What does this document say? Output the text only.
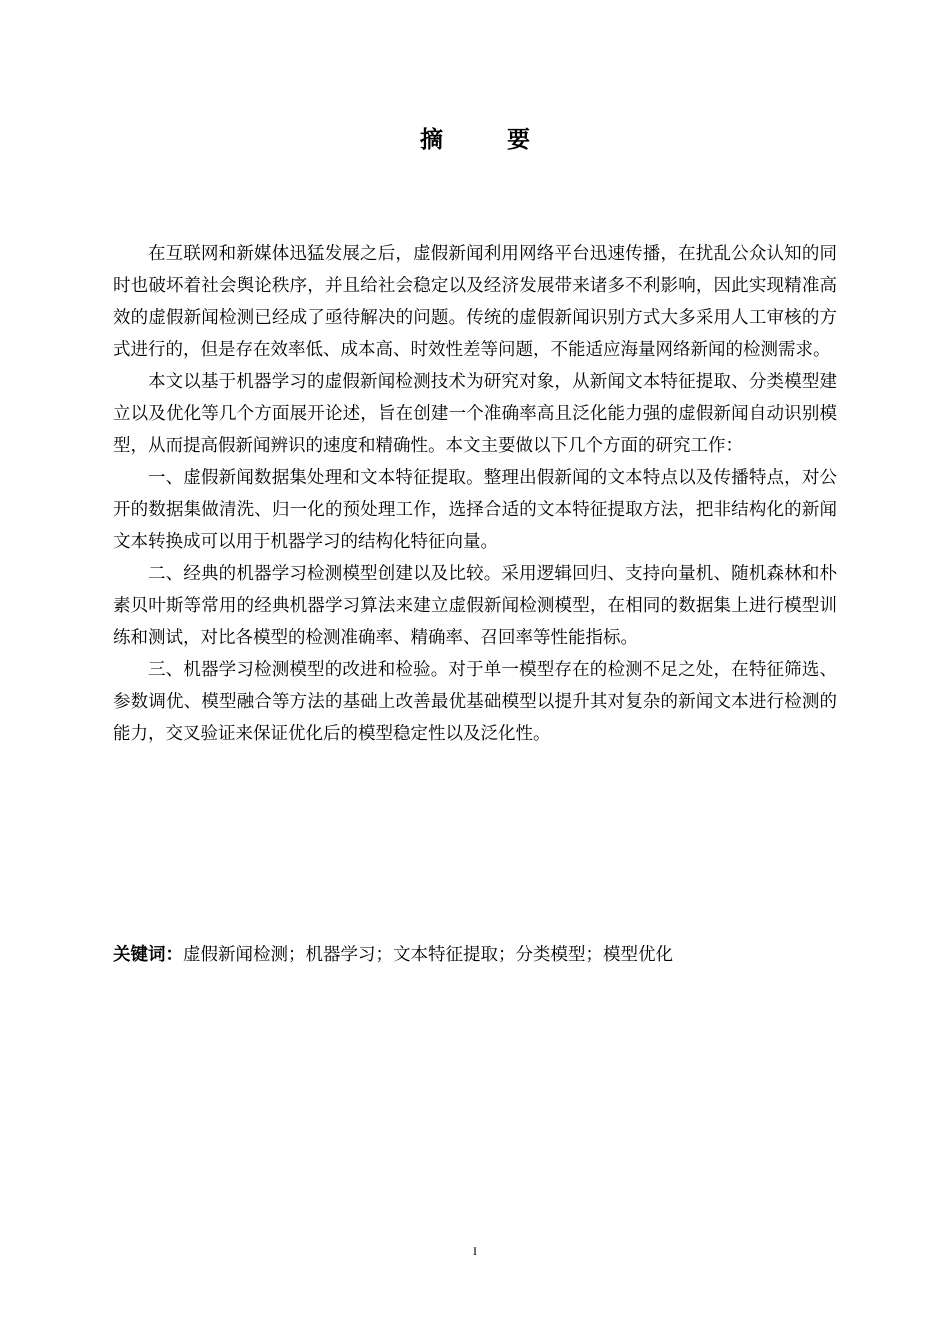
摘 要

在互联网和新媒体迅猛发展之后，虚假新闻利用网络平台迅速传播，在扰乱公众认知的同时也破坏着社会舆论秩序，并且给社会稳定以及经济发展带来诸多不利影响，因此实现精准高效的虚假新闻检测已经成了亟待解决的问题。传统的虚假新闻识别方式大多采用人工审核的方式进行的，但是存在效率低、成本高、时效性差等问题，不能适应海量网络新闻的检测需求。

本文以基于机器学习的虚假新闻检测技术为研究对象，从新闻文本特征提取、分类模型建立以及优化等几个方面展开论述，旨在创建一个准确率高且泛化能力强的虚假新闻自动识别模型，从而提高假新闻辨识的速度和精确性。本文主要做以下几个方面的研究工作：

一、虚假新闻数据集处理和文本特征提取。整理出假新闻的文本特点以及传播特点，对公开的数据集做清洗、归一化的预处理工作，选择合适的文本特征提取方法，把非结构化的新闻文本转换成可以用于机器学习的结构化特征向量。

二、经典的机器学习检测模型创建以及比较。采用逻辑回归、支持向量机、随机森林和朴素贝叶斯等常用的经典机器学习算法来建立虚假新闻检测模型，在相同的数据集上进行模型训练和测试，对比各模型的检测准确率、精确率、召回率等性能指标。

三、机器学习检测模型的改进和检验。对于单一模型存在的检测不足之处，在特征筛选、参数调优、模型融合等方法的基础上改善最优基础模型以提升其对复杂的新闻文本进行检测的能力，交叉验证来保证优化后的模型稳定性以及泛化性。

关键词：虚假新闻检测；机器学习；文本特征提取；分类模型；模型优化
I
